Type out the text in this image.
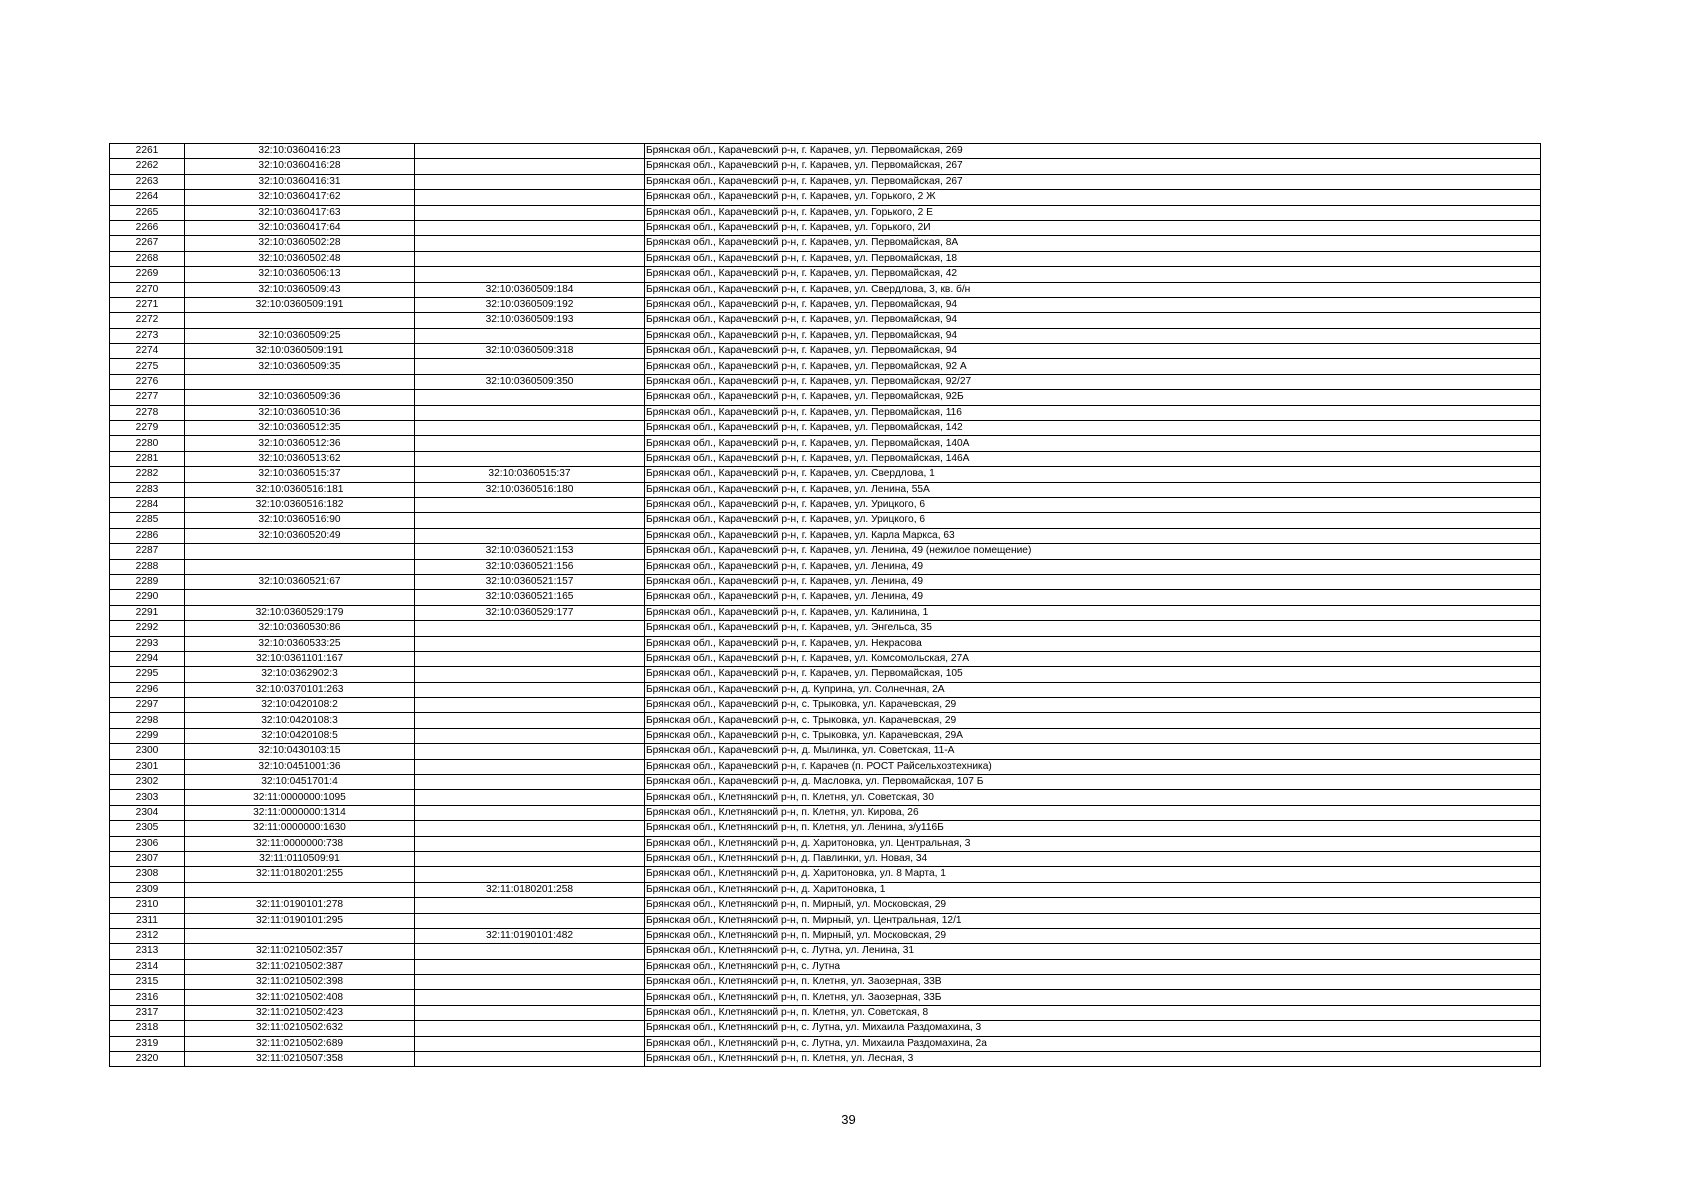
2261	32:10:0360416:23		Брянская обл., Карачевский р-н, г. Карачев, ул. Первомайская, 269
2262	32:10:0360416:28		Брянская обл., Карачевский р-н, г. Карачев, ул. Первомайская, 267
2263	32:10:0360416:31		Брянская обл., Карачевский р-н, г. Карачев, ул. Первомайская, 267
2264	32:10:0360417:62		Брянская обл., Карачевский р-н, г. Карачев, ул. Горького, 2 Ж
2265	32:10:0360417:63		Брянская обл., Карачевский р-н, г. Карачев, ул. Горького, 2 Е
2266	32:10:0360417:64		Брянская обл., Карачевский р-н, г. Карачев, ул. Горького, 2И
2267	32:10:0360502:28		Брянская обл., Карачевский р-н, г. Карачев, ул. Первомайская, 8А
2268	32:10:0360502:48		Брянская обл., Карачевский р-н, г. Карачев, ул. Первомайская, 18
2269	32:10:0360506:13		Брянская обл., Карачевский р-н, г. Карачев, ул. Первомайская, 42
2270	32:10:0360509:43	32:10:0360509:184	Брянская обл., Карачевский р-н, г. Карачев, ул. Свердлова, 3, кв. б/н
2271	32:10:0360509:191	32:10:0360509:192	Брянская обл., Карачевский р-н, г. Карачев, ул. Первомайская, 94
2272		32:10:0360509:193	Брянская обл., Карачевский р-н, г. Карачев, ул. Первомайская, 94
2273	32:10:0360509:25		Брянская обл., Карачевский р-н, г. Карачев, ул. Первомайская, 94
2274	32:10:0360509:191	32:10:0360509:318	Брянская обл., Карачевский р-н, г. Карачев, ул. Первомайская, 94
2275	32:10:0360509:35		Брянская обл., Карачевский р-н, г. Карачев, ул. Первомайская, 92 А
2276		32:10:0360509:350	Брянская обл., Карачевский р-н, г. Карачев, ул. Первомайская, 92/27
2277	32:10:0360509:36		Брянская обл., Карачевский р-н, г. Карачев, ул. Первомайская, 92Б
2278	32:10:0360510:36		Брянская обл., Карачевский р-н, г. Карачев, ул. Первомайская, 116
2279	32:10:0360512:35		Брянская обл., Карачевский р-н, г. Карачев, ул. Первомайская, 142
2280	32:10:0360512:36		Брянская обл., Карачевский р-н, г. Карачев, ул. Первомайская, 140А
2281	32:10:0360513:62		Брянская обл., Карачевский р-н, г. Карачев, ул. Первомайская, 146А
2282	32:10:0360515:37	32:10:0360515:37	Брянская обл., Карачевский р-н, г. Карачев, ул. Свердлова, 1
2283	32:10:0360516:181	32:10:0360516:180	Брянская обл., Карачевский р-н, г. Карачев, ул. Ленина, 55А
2284	32:10:0360516:182		Брянская обл., Карачевский р-н, г. Карачев, ул. Урицкого, 6
2285	32:10:0360516:90		Брянская обл., Карачевский р-н, г. Карачев, ул. Урицкого, 6
2286	32:10:0360520:49		Брянская обл., Карачевский р-н, г. Карачев, ул. Карла Маркса, 63
2287		32:10:0360521:153	Брянская обл., Карачевский р-н, г. Карачев, ул. Ленина, 49 (нежилое помещение)
2288		32:10:0360521:156	Брянская обл., Карачевский р-н, г. Карачев, ул. Ленина, 49
2289	32:10:0360521:67	32:10:0360521:157	Брянская обл., Карачевский р-н, г. Карачев, ул. Ленина, 49
2290		32:10:0360521:165	Брянская обл., Карачевский р-н, г. Карачев, ул. Ленина, 49
2291	32:10:0360529:179	32:10:0360529:177	Брянская обл., Карачевский р-н, г. Карачев, ул. Калинина, 1
2292	32:10:0360530:86		Брянская обл., Карачевский р-н, г. Карачев, ул. Энгельса, 35
2293	32:10:0360533:25		Брянская обл., Карачевский р-н, г. Карачев, ул. Некрасова
2294	32:10:0361101:167		Брянская обл., Карачевский р-н, г. Карачев, ул. Комсомольская, 27А
2295	32:10:0362902:3		Брянская обл., Карачевский р-н, г. Карачев, ул. Первомайская, 105
2296	32:10:0370101:263		Брянская обл., Карачевский р-н, д. Куприна, ул. Солнечная, 2А
2297	32:10:0420108:2		Брянская обл., Карачевский р-н, с. Трыковка, ул. Карачевская, 29
2298	32:10:0420108:3		Брянская обл., Карачевский р-н, с. Трыковка, ул. Карачевская, 29
2299	32:10:0420108:5		Брянская обл., Карачевский р-н, с. Трыковка, ул. Карачевская, 29А
2300	32:10:0430103:15		Брянская обл., Карачевский р-н, д. Мылинка, ул. Советская, 11-А
2301	32:10:0451001:36		Брянская обл., Карачевский р-н, г. Карачев (п. РОСТ Райсельхозтехника)
2302	32:10:0451701:4		Брянская обл., Карачевский р-н, д. Масловка, ул. Первомайская, 107 Б
2303	32:11:0000000:1095		Брянская обл., Клетнянский р-н, п. Клетня, ул. Советская, 30
2304	32:11:0000000:1314		Брянская обл., Клетнянский р-н, п. Клетня, ул. Кирова, 26
2305	32:11:0000000:1630		Брянская обл., Клетнянский р-н, п. Клетня, ул. Ленина, з/у116Б
2306	32:11:0000000:738		Брянская обл., Клетнянский р-н, д. Харитоновка, ул. Центральная, 3
2307	32:11:0110509:91		Брянская обл., Клетнянский р-н, д. Павлинки, ул. Новая, 34
2308	32:11:0180201:255		Брянская обл., Клетнянский р-н, д. Харитоновка, ул. 8 Марта, 1
2309		32:11:0180201:258	Брянская обл., Клетнянский р-н, д. Харитоновка, 1
2310	32:11:0190101:278		Брянская обл., Клетнянский р-н, п. Мирный, ул. Московская, 29
2311	32:11:0190101:295		Брянская обл., Клетнянский р-н, п. Мирный, ул. Центральная, 12/1
2312		32:11:0190101:482	Брянская обл., Клетнянский р-н, п. Мирный, ул. Московская, 29
2313	32:11:0210502:357		Брянская обл., Клетнянский р-н, с. Лутна, ул. Ленина, 31
2314	32:11:0210502:387		Брянская обл., Клетнянский р-н, с. Лутна
2315	32:11:0210502:398		Брянская обл., Клетнянский р-н, п. Клетня, ул. Заозерная, 33В
2316	32:11:0210502:408		Брянская обл., Клетнянский р-н, п. Клетня, ул. Заозерная, 33Б
2317	32:11:0210502:423		Брянская обл., Клетнянский р-н, п. Клетня, ул. Советская, 8
2318	32:11:0210502:632		Брянская обл., Клетнянский р-н, с. Лутна, ул. Михаила Раздомахина, 3
2319	32:11:0210502:689		Брянская обл., Клетнянский р-н, с. Лутна, ул. Михаила Раздомахина, 2а
2320	32:11:0210507:358		Брянская обл., Клетнянский р-н, п. Клетня, ул. Лесная, 3
39
